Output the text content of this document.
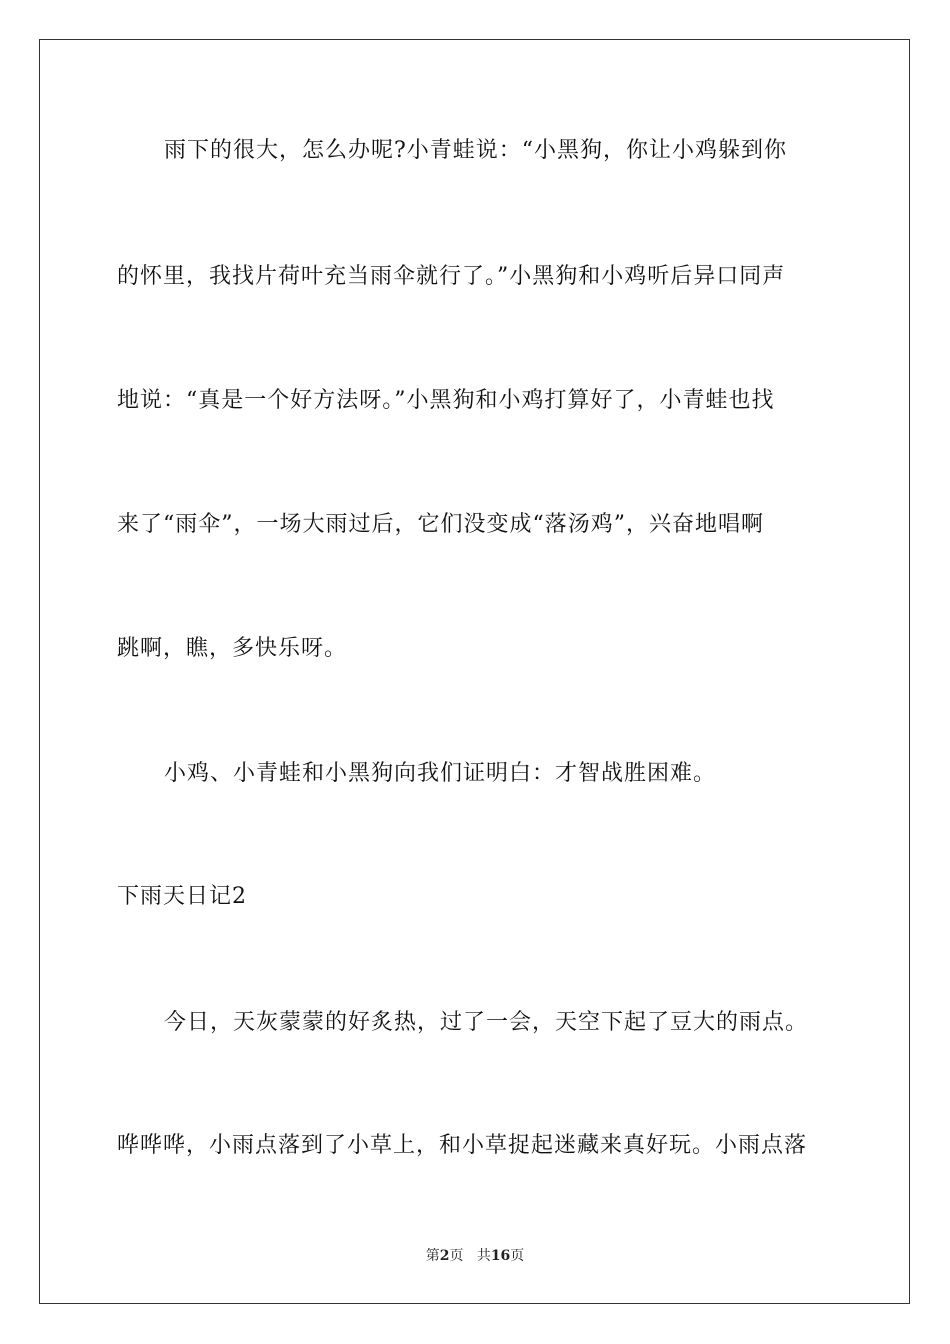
雨下的很大，怎么办呢?小青蛙说：“小黑狗，你让小鸡躲到你
的怀里，我找片荷叶充当雨伞就行了。”小黑狗和小鸡听后异口同声
地说：“真是一个好方法呀。”小黑狗和小鸡打算好了，小青蛙也找
来了“雨伞”，一场大雨过后，它们没变成“落汤鸡”，兴奋地唱啊
跳啊，瞧，多快乐呀。
小鸡、小青蛙和小黑狗向我们证明白：才智战胜困难。
下雨天日记2
今日，天灰蒙蒙的好炙热，过了一会，天空下起了豆大的雨点。
哗哗哗，小雨点落到了小草上，和小草捉起迷藏来真好玩。小雨点落
第2页 共16页
